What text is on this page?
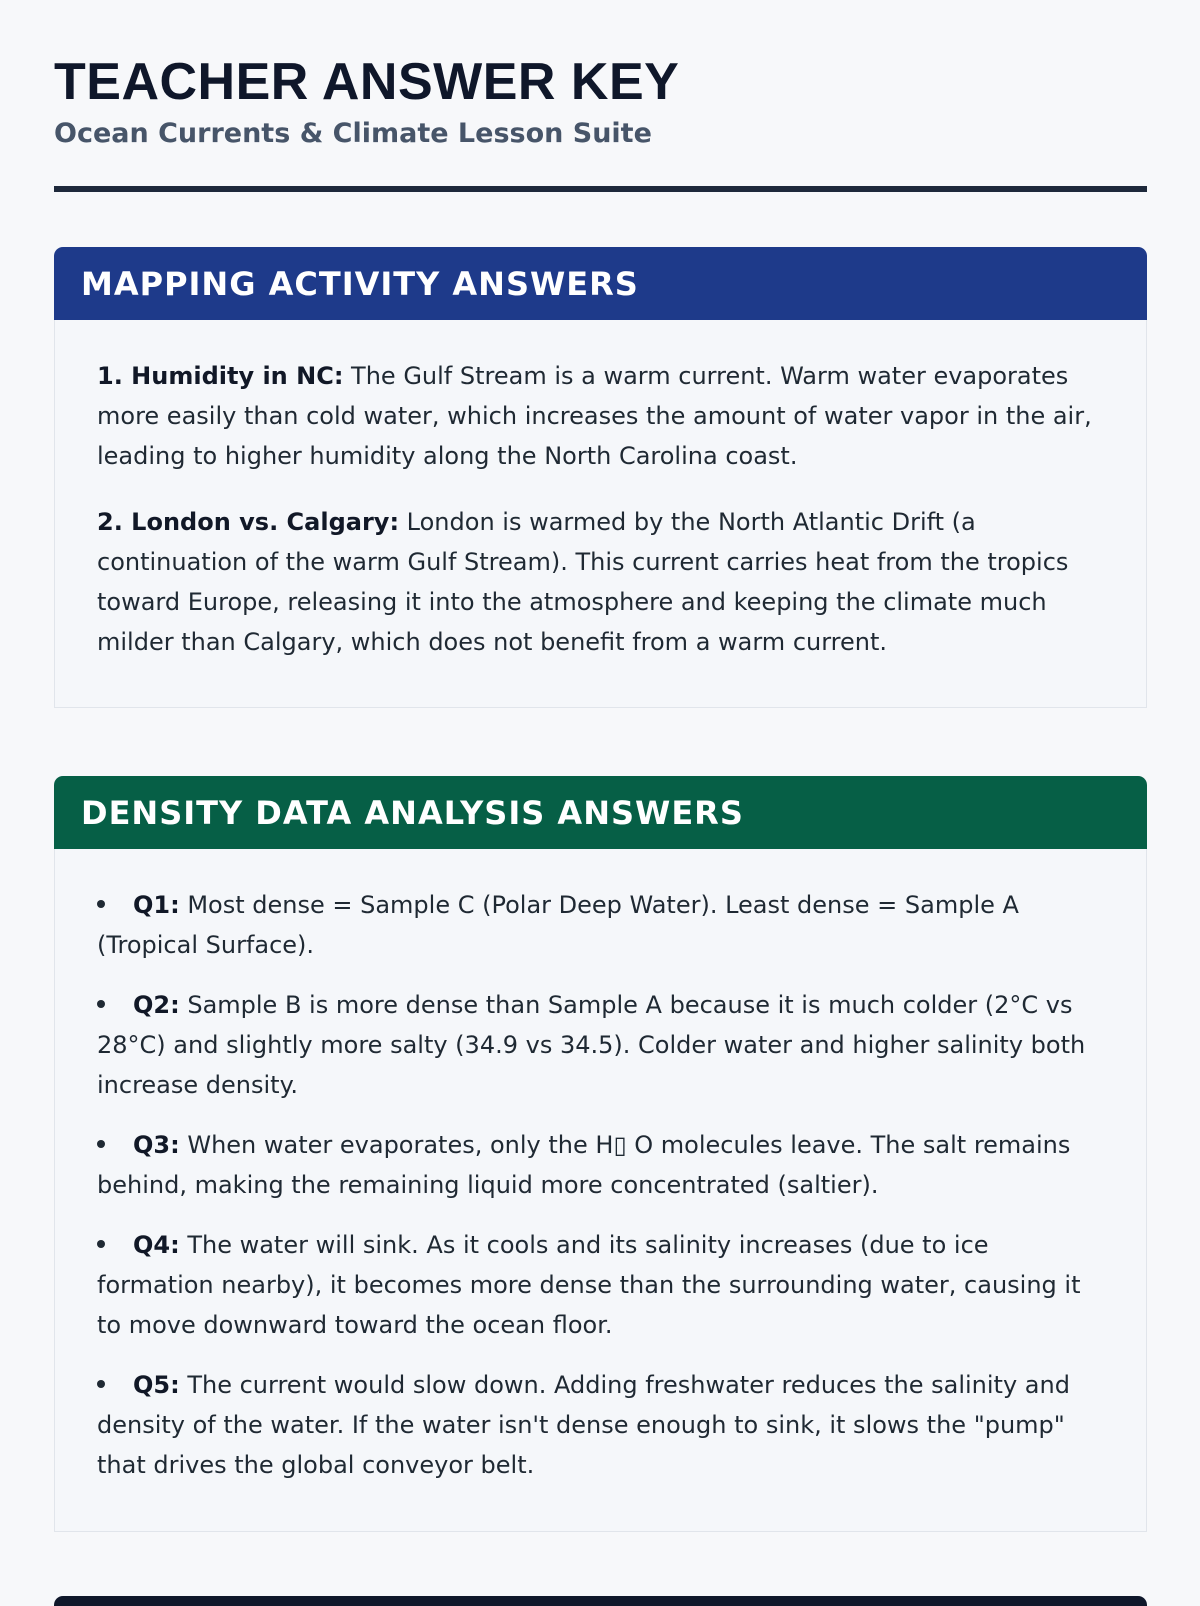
TEACHER ANSWER KEY
Ocean Currents & Climate Lesson Suite
MAPPING ACTIVITY ANSWERS

1. Humidity in NC: The Gulf Stream is a warm current. Warm water evaporates more easily than cold water, which increases the amount of water vapor in the air, leading to higher humidity along the North Carolina coast.

2. London vs. Calgary: London is warmed by the North Atlantic Drift (a continuation of the warm Gulf Stream). This current carries heat from the tropics toward Europe, releasing it into the atmosphere and keeping the climate much milder than Calgary, which does not benefit from a warm current.

DENSITY DATA ANALYSIS ANSWERS

Q1: Most dense = Sample C (Polar Deep Water). Least dense = Sample A (Tropical Surface).

Q2: Sample B is more dense than Sample A because it is much colder (2°C vs 28°C) and slightly more salty (34.9 vs 34.5). Colder water and higher salinity both increase density.

Q3: When water evaporates, only the H▯ O molecules leave. The salt remains behind, making the remaining liquid more concentrated (saltier).

Q4: The water will sink. As it cools and its salinity increases (due to ice formation nearby), it becomes more dense than the surrounding water, causing it to move downward toward the ocean floor.

Q5: The current would slow down. Adding freshwater reduces the salinity and density of the water. If the water isn't dense enough to sink, it slows the "pump" that drives the global conveyor belt.
